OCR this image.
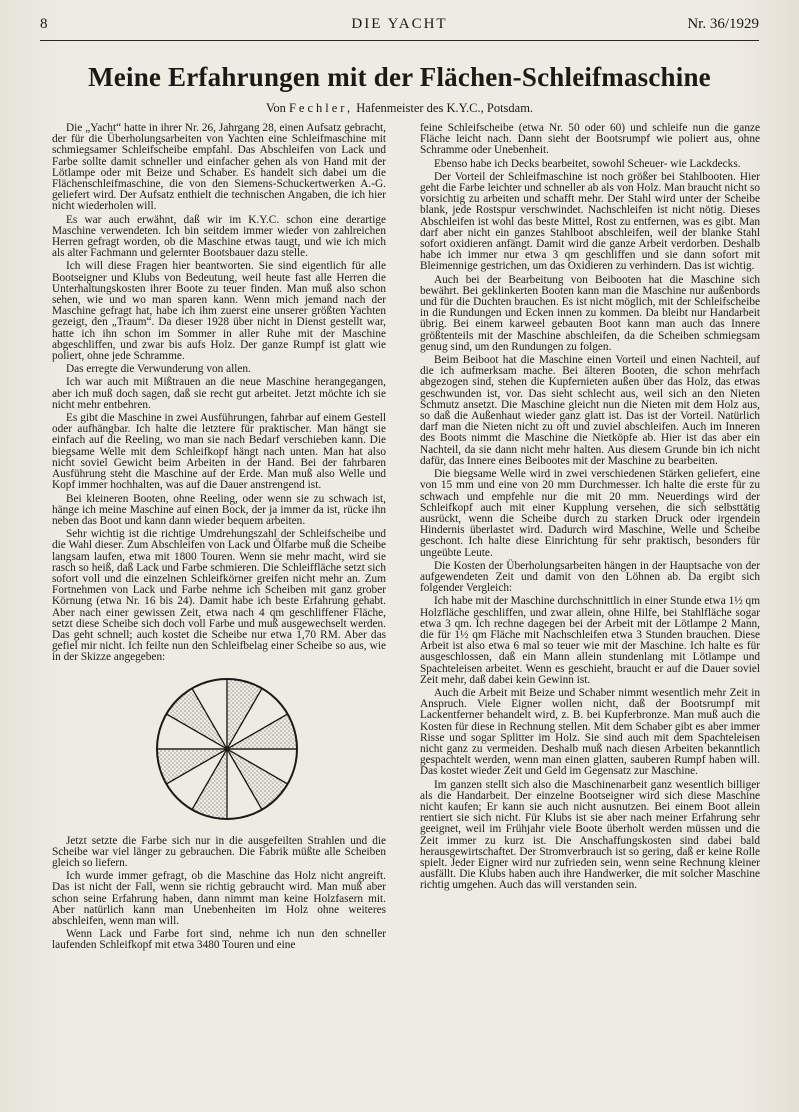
8	DIE YACHT	Nr. 36/1929
Meine Erfahrungen mit der Flächen-Schleifmaschine
Von Fechler, Hafenmeister des K.Y.C., Potsdam.

Die „Yacht“ hatte in ihrer Nr. 26, Jahrgang 28, einen Aufsatz gebracht, der für die Überholungsarbeiten von Yachten eine Schleifmaschine mit schmiegsamer Schleifscheibe empfahl. Das Abschleifen von Lack und Farbe sollte damit schneller und einfacher gehen als von Hand mit der Lötlampe oder mit Beize und Schaber. Es handelt sich dabei um die Flächenschleifmaschine, die von den Siemens-Schuckertwerken A.-G. geliefert wird. Der Aufsatz enthielt die technischen Angaben, die ich hier nicht wiederholen will.

Es war auch erwähnt, daß wir im K.Y.C. schon eine derartige Maschine verwendeten. Ich bin seitdem immer wieder von zahlreichen Herren gefragt worden, ob die Maschine etwas taugt, und wie ich mich als alter Fachmann und gelernter Bootsbauer dazu stelle.

Ich will diese Fragen hier beantworten. Sie sind eigentlich für alle Bootseigner und Klubs von Bedeutung, weil heute fast alle Herren die Unterhaltungskosten ihrer Boote zu teuer finden. Man muß also schon sehen, wie und wo man sparen kann. Wenn mich jemand nach der Maschine gefragt hat, habe ich ihm zuerst eine unserer größten Yachten gezeigt, den „Traum“. Da dieser 1928 über nicht in Dienst gestellt war, hatte ich ihn schon im Sommer in aller Ruhe mit der Maschine abgeschliffen, und zwar bis aufs Holz. Der ganze Rumpf ist glatt wie poliert, ohne jede Schramme.

Das erregte die Verwunderung von allen.

Ich war auch mit Mißtrauen an die neue Maschine herangegangen, aber ich muß doch sagen, daß sie recht gut arbeitet. Jetzt möchte ich sie nicht mehr entbehren.

Es gibt die Maschine in zwei Ausführungen, fahrbar auf einem Gestell oder aufhängbar. Ich halte die letztere für praktischer. Man hängt sie einfach auf die Reeling, wo man sie nach Bedarf verschieben kann. Die biegsame Welle mit dem Schleifkopf hängt nach unten. Man hat also nicht soviel Gewicht beim Arbeiten in der Hand. Bei der fahrbaren Ausführung steht die Maschine auf der Erde. Man muß also Welle und Kopf immer hochhalten, was auf die Dauer anstrengend ist.

Bei kleineren Booten, ohne Reeling, oder wenn sie zu schwach ist, hänge ich meine Maschine auf einen Bock, der ja immer da ist, rücke ihn neben das Boot und kann dann wieder bequem arbeiten.

Sehr wichtig ist die richtige Umdrehungszahl der Schleifscheibe und die Wahl dieser. Zum Abschleifen von Lack und Ölfarbe muß die Scheibe langsam laufen, etwa mit 1800 Touren. Wenn sie mehr macht, wird sie rasch so heiß, daß Lack und Farbe schmieren. Die Schleiffläche setzt sich sofort voll und die einzelnen Schleifkörner greifen nicht mehr an. Zum Fortnehmen von Lack und Farbe nehme ich Scheiben mit ganz grober Körnung (etwa Nr. 16 bis 24). Damit habe ich beste Erfahrung gehabt. Aber nach einer gewissen Zeit, etwa nach 4 qm geschliffener Fläche, setzt diese Scheibe sich doch voll Farbe und muß ausgewechselt werden. Das geht schnell; auch kostet die Scheibe nur etwa 1,70 RM. Aber das gefiel mir nicht. Ich feilte nun den Schleifbelag einer Scheibe so aus, wie in der Skizze angegeben:

Jetzt setzte die Farbe sich nur in die ausgefeilten Strahlen und die Scheibe war viel länger zu gebrauchen. Die Fabrik müßte alle Scheiben gleich so liefern.

Ich wurde immer gefragt, ob die Maschine das Holz nicht angreift. Das ist nicht der Fall, wenn sie richtig gebraucht wird. Man muß aber schon seine Erfahrung haben, dann nimmt man keine Holzfasern mit. Aber natürlich kann man Unebenheiten im Holz ohne weiteres abschleifen, wenn man will.

Wenn Lack und Farbe fort sind, nehme ich nun den schneller laufenden Schleifkopf mit etwa 3480 Touren und eine

feine Schleifscheibe (etwa Nr. 50 oder 60) und schleife nun die ganze Fläche leicht nach. Dann sieht der Bootsrumpf wie poliert aus, ohne Schramme oder Unebenheit.

Ebenso habe ich Decks bearbeitet, sowohl Scheuer- wie Lackdecks.

Der Vorteil der Schleifmaschine ist noch größer bei Stahlbooten. Hier geht die Farbe leichter und schneller ab als von Holz. Man braucht nicht so vorsichtig zu arbeiten und schafft mehr. Der Stahl wird unter der Scheibe blank, jede Rostspur verschwindet. Nachschleifen ist nicht nötig. Dieses Abschleifen ist wohl das beste Mittel, Rost zu entfernen, was es gibt. Man darf aber nicht ein ganzes Stahlboot abschleifen, weil der blanke Stahl sofort oxidieren anfängt. Damit wird die ganze Arbeit verdorben. Deshalb habe ich immer nur etwa 3 qm geschliffen und sie dann sofort mit Bleimennige gestrichen, um das Oxidieren zu verhindern. Das ist wichtig.

Auch bei der Bearbeitung von Beibooten hat die Maschine sich bewährt. Bei geklinkerten Booten kann man die Maschine nur außenbords und für die Duchten brauchen. Es ist nicht möglich, mit der Schleifscheibe in die Rundungen und Ecken innen zu kommen. Da bleibt nur Handarbeit übrig. Bei einem karweel gebauten Boot kann man auch das Innere größtenteils mit der Maschine abschleifen, da die Scheiben schmiegsam genug sind, um den Rundungen zu folgen.

Beim Beiboot hat die Maschine einen Vorteil und einen Nachteil, auf die ich aufmerksam mache. Bei älteren Booten, die schon mehrfach abgezogen sind, stehen die Kupfernieten außen über das Holz, das etwas geschwunden ist, vor. Das sieht schlecht aus, weil sich an den Nieten Schmutz ansetzt. Die Maschine gleicht nun die Nieten mit dem Holz aus, so daß die Außenhaut wieder ganz glatt ist. Das ist der Vorteil. Natürlich darf man die Nieten nicht zu oft und zuviel abschleifen. Auch im Inneren des Boots nimmt die Maschine die Nietköpfe ab. Hier ist das aber ein Nachteil, da sie dann nicht mehr halten. Aus diesem Grunde bin ich nicht dafür, das Innere eines Beibootes mit der Maschine zu bearbeiten.

Die biegsame Welle wird in zwei verschiedenen Stärken geliefert, eine von 15 mm und eine von 20 mm Durchmesser. Ich halte die erste für zu schwach und empfehle nur die mit 20 mm. Neuerdings wird der Schleifkopf auch mit einer Kupplung versehen, die sich selbsttätig ausrückt, wenn die Scheibe durch zu starken Druck oder irgendein Hindernis überlastet wird. Dadurch wird Maschine, Welle und Scheibe geschont. Ich halte diese Einrichtung für sehr praktisch, besonders für ungeübte Leute.

Die Kosten der Überholungsarbeiten hängen in der Hauptsache von der aufgewendeten Zeit und damit von den Löhnen ab. Da ergibt sich folgender Vergleich:

Ich habe mit der Maschine durchschnittlich in einer Stunde etwa 1½ qm Holzfläche geschliffen, und zwar allein, ohne Hilfe, bei Stahlfläche sogar etwa 3 qm. Ich rechne dagegen bei der Arbeit mit der Lötlampe 2 Mann, die für 1½ qm Fläche mit Nachschleifen etwa 3 Stunden brauchen. Diese Arbeit ist also etwa 6 mal so teuer wie mit der Maschine. Ich halte es für ausgeschlossen, daß ein Mann allein stundenlang mit Lötlampe und Spachteleisen arbeitet. Wenn es geschieht, braucht er auf die Dauer soviel Zeit mehr, daß dabei kein Gewinn ist.

Auch die Arbeit mit Beize und Schaber nimmt wesentlich mehr Zeit in Anspruch. Viele Eigner wollen nicht, daß der Bootsrumpf mit Lackentferner behandelt wird, z. B. bei Kupferbronze. Man muß auch die Kosten für diese in Rechnung stellen. Mit dem Schaber gibt es aber immer Risse und sogar Splitter im Holz. Sie sind auch mit dem Spachteleisen nicht ganz zu vermeiden. Deshalb muß nach diesen Arbeiten bekanntlich gespachtelt werden, wenn man einen glatten, sauberen Rumpf haben will. Das kostet wieder Zeit und Geld im Gegensatz zur Maschine.

Im ganzen stellt sich also die Maschinenarbeit ganz wesentlich billiger als die Handarbeit. Der einzelne Bootseigner wird sich diese Maschine nicht kaufen; Er kann sie auch nicht ausnutzen. Bei einem Boot allein rentiert sie sich nicht. Für Klubs ist sie aber nach meiner Erfahrung sehr geeignet, weil im Frühjahr viele Boote überholt werden müssen und die Zeit immer zu kurz ist. Die Anschaffungskosten sind dabei bald herausgewirtschaftet. Der Stromverbrauch ist so gering, daß er keine Rolle spielt. Jeder Eigner wird nur zufrieden sein, wenn seine Rechnung kleiner ausfällt. Die Klubs haben auch ihre Handwerker, die mit solcher Maschine richtig umgehen. Auch das will verstanden sein.
